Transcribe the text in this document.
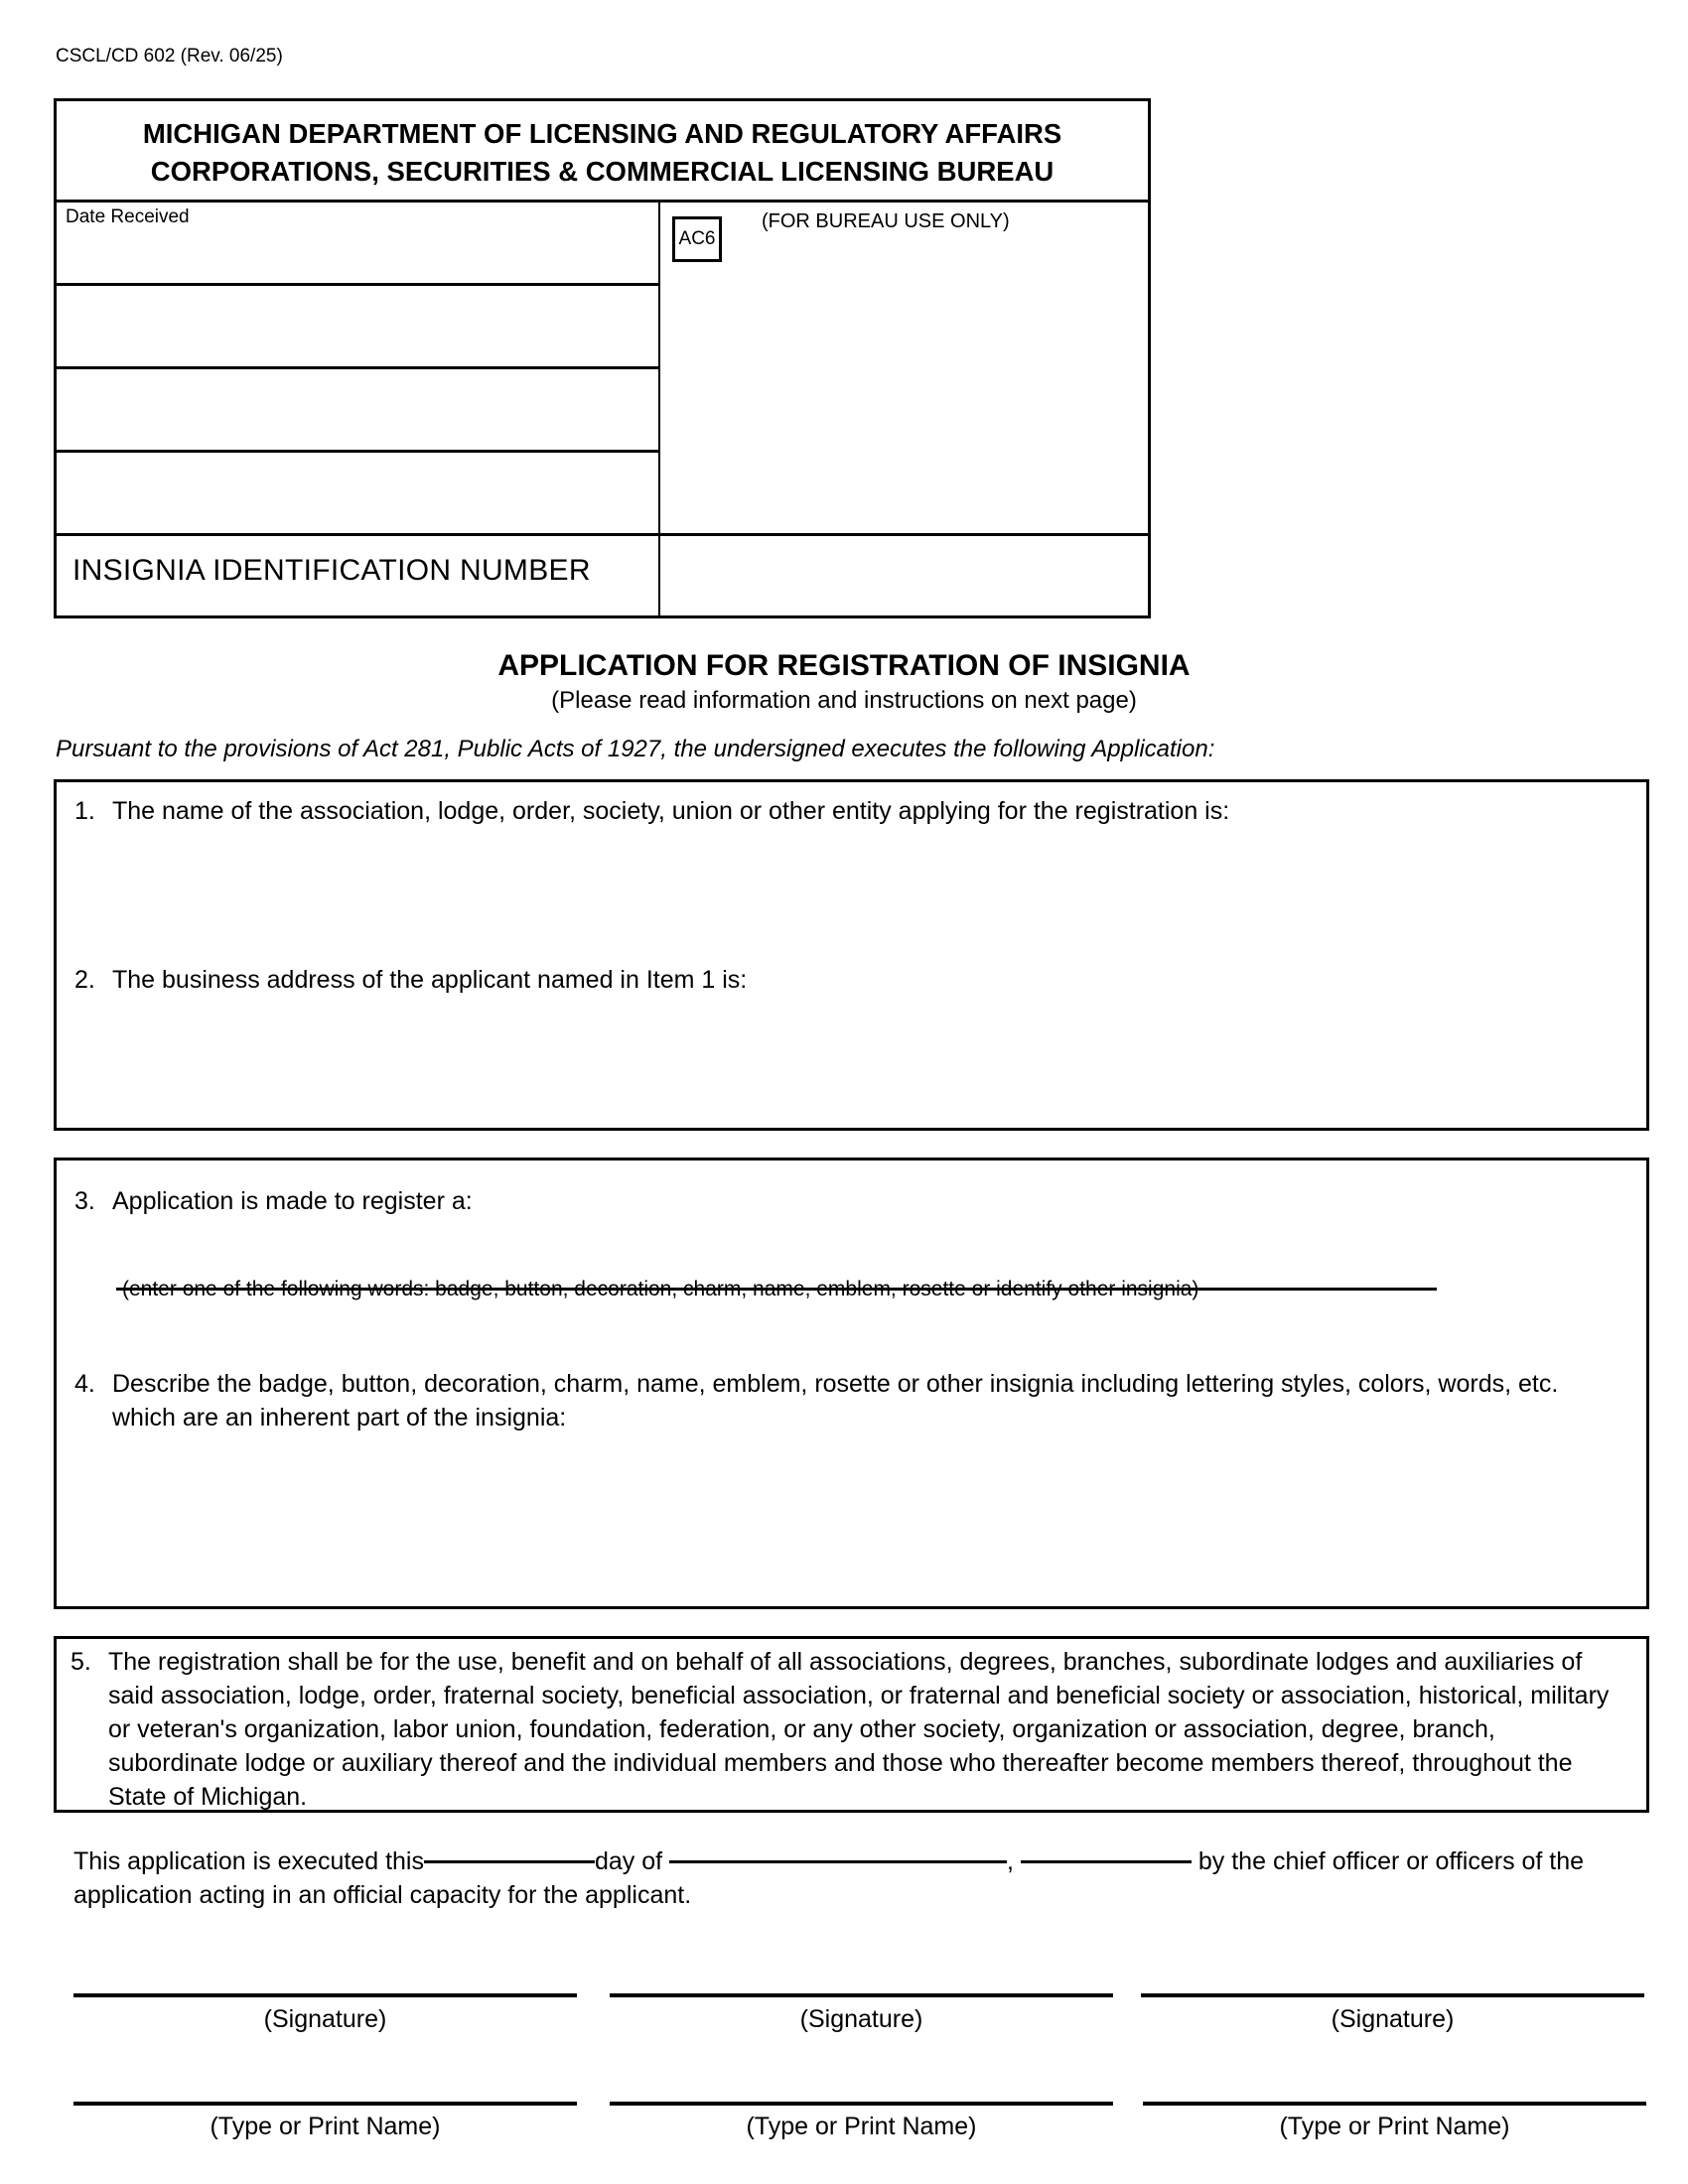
CSCL/CD 602 (Rev. 06/25)
MICHIGAN DEPARTMENT OF LICENSING AND REGULATORY AFFAIRS
CORPORATIONS, SECURITIES & COMMERCIAL LICENSING BUREAU
Date Received
INSIGNIA IDENTIFICATION NUMBER
AC6
(FOR BUREAU USE ONLY)
APPLICATION FOR REGISTRATION OF INSIGNIA
(Please read information and instructions on next page)
Pursuant to the provisions of Act 281, Public Acts of 1927, the undersigned executes the following Application:
1. The name of the association, lodge, order, society, union or other entity applying for the registration is:
2. The business address of the applicant named in Item 1 is:
3. Application is made to register a:
(enter one of the following words: badge, button, decoration, charm, name, emblem, rosette or identify other insignia)
4. Describe the badge, button, decoration, charm, name, emblem, rosette or other insignia including lettering styles, colors, words, etc. which are an inherent part of the insignia:
5. The registration shall be for the use, benefit and on behalf of all associations, degrees, branches, subordinate lodges and auxiliaries of said association, lodge, order, fraternal society, beneficial association, or fraternal and beneficial society or association, historical, military or veteran's organization, labor union, foundation, federation, or any other society, organization or association, degree, branch, subordinate lodge or auxiliary thereof and the individual members and those who thereafter become members thereof, throughout the State of Michigan.
This application is executed this	day of	,	by the chief officer or officers of the application acting in an official capacity for the applicant.
(Signature)	(Signature)	(Signature)
(Type or Print Name)	(Type or Print Name)	(Type or Print Name)
